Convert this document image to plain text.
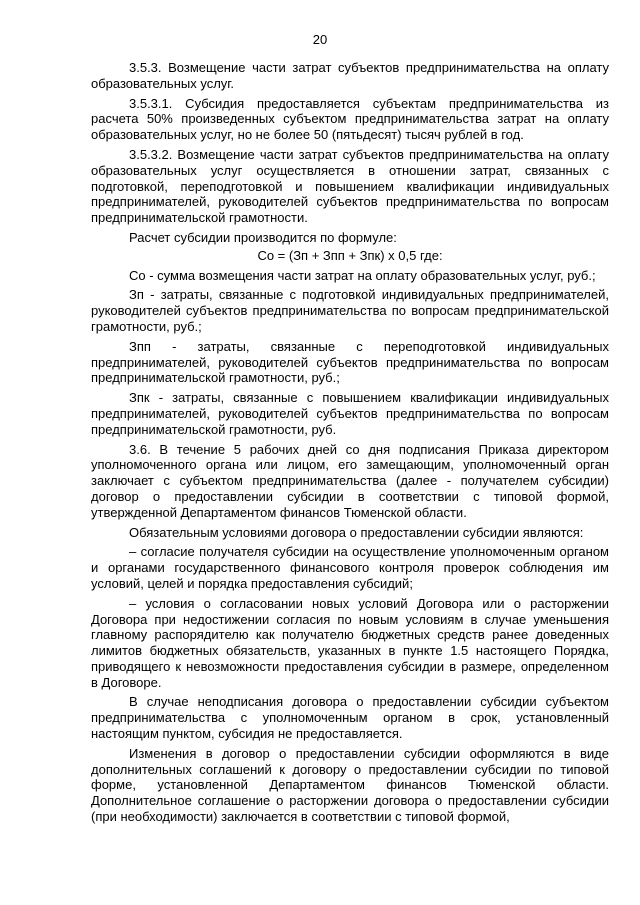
20

3.5.3. Возмещение части затрат субъектов предпринимательства на оплату образовательных услуг.

3.5.3.1. Субсидия предоставляется субъектам предпринимательства из расчета 50% произведенных субъектом предпринимательства затрат на оплату образовательных услуг, но не более 50 (пятьдесят) тысяч рублей в год.

3.5.3.2. Возмещение части затрат субъектов предпринимательства на оплату образовательных услуг осуществляется в отношении затрат, связанных с подготовкой, переподготовкой и повышением квалификации индивидуальных предпринимателей, руководителей субъектов предпринимательства по вопросам предпринимательской грамотности.

Расчет субсидии производится по формуле:

Со = (Зп + Зпп + Зпк) х 0,5 где:

Со - сумма возмещения части затрат на оплату образовательных услуг, руб.;

Зп - затраты, связанные с подготовкой индивидуальных предпринимателей, руководителей субъектов предпринимательства по вопросам предпринимательской грамотности, руб.;

Зпп - затраты, связанные с переподготовкой индивидуальных предпринимателей, руководителей субъектов предпринимательства по вопросам предпринимательской грамотности, руб.;

Зпк - затраты, связанные с повышением квалификации индивидуальных предпринимателей, руководителей субъектов предпринимательства по вопросам предпринимательской грамотности, руб.

3.6. В течение 5 рабочих дней со дня подписания Приказа директором уполномоченного органа или лицом, его замещающим, уполномоченный орган заключает с субъектом предпринимательства (далее - получателем субсидии) договор о предоставлении субсидии в соответствии с типовой формой, утвержденной Департаментом финансов Тюменской области.

Обязательным условиями договора о предоставлении субсидии являются:

– согласие получателя субсидии на осуществление уполномоченным органом и органами государственного финансового контроля проверок соблюдения им условий, целей и порядка предоставления субсидий;

– условия о согласовании новых условий Договора или о расторжении Договора при недостижении согласия по новым условиям в случае уменьшения главному распорядителю как получателю бюджетных средств ранее доведенных лимитов бюджетных обязательств, указанных в пункте 1.5 настоящего Порядка, приводящего к невозможности предоставления субсидии в размере, определенном в Договоре.

В случае неподписания договора о предоставлении субсидии субъектом предпринимательства с уполномоченным органом в срок, установленный настоящим пунктом, субсидия не предоставляется.

Изменения в договор о предоставлении субсидии оформляются в виде дополнительных соглашений к договору о предоставлении субсидии по типовой форме, установленной Департаментом финансов Тюменской области. Дополнительное соглашение о расторжении договора о предоставлении субсидии (при необходимости) заключается в соответствии с типовой формой,
